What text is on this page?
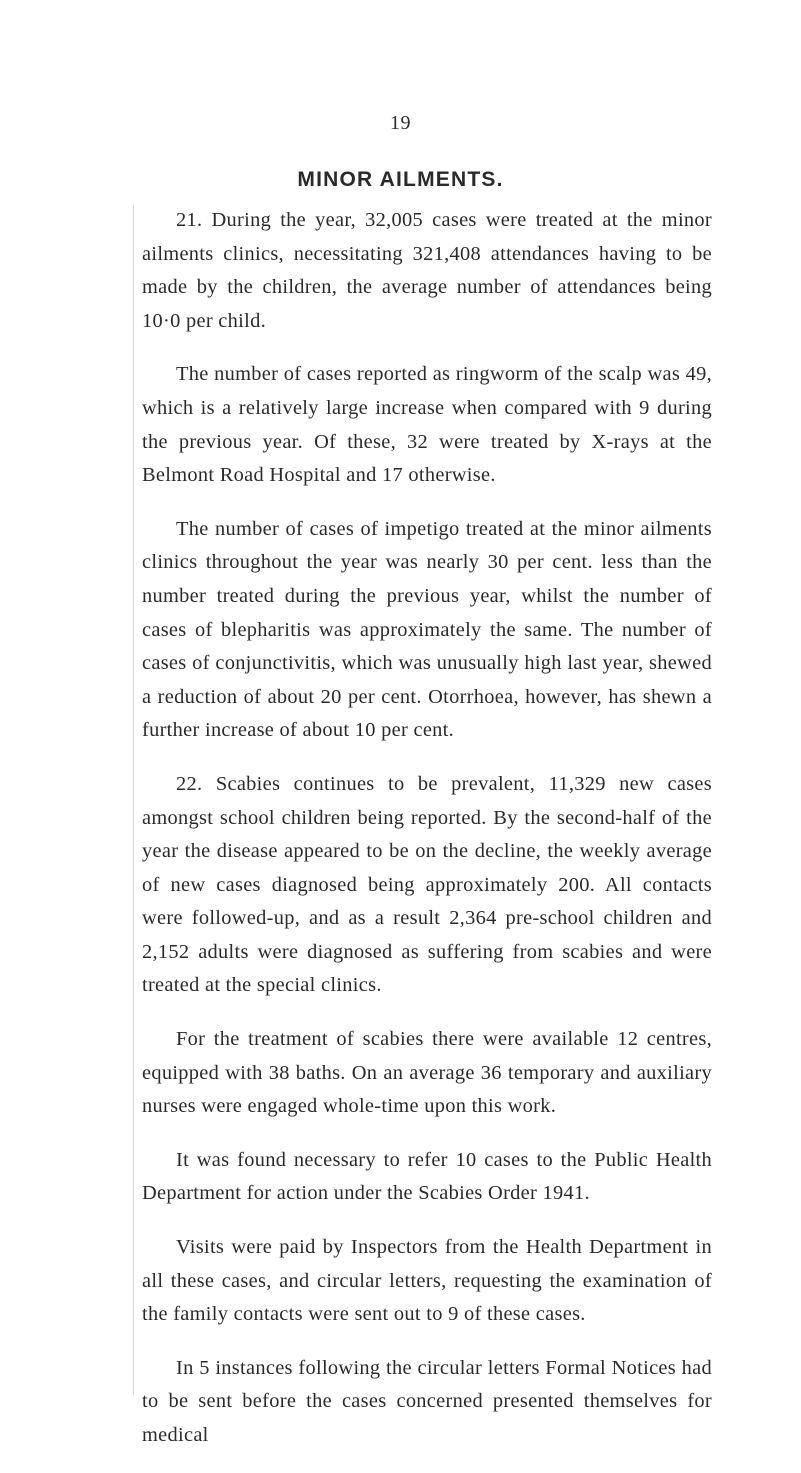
19
MINOR AILMENTS.

21. During the year, 32,005 cases were treated at the minor ailments clinics, necessitating 321,408 attendances having to be made by the children, the average number of attendances being 10·0 per child.

The number of cases reported as ringworm of the scalp was 49, which is a relatively large increase when compared with 9 during the previous year. Of these, 32 were treated by X-rays at the Belmont Road Hospital and 17 otherwise.

The number of cases of impetigo treated at the minor ailments clinics throughout the year was nearly 30 per cent. less than the number treated during the previous year, whilst the number of cases of blepharitis was approximately the same. The number of cases of conjunctivitis, which was unusually high last year, shewed a reduction of about 20 per cent. Otorrhoea, however, has shewn a further increase of about 10 per cent.

22. Scabies continues to be prevalent, 11,329 new cases amongst school children being reported. By the second-half of the year the disease appeared to be on the decline, the weekly average of new cases diagnosed being approximately 200. All contacts were followed-up, and as a result 2,364 pre-school children and 2,152 adults were diagnosed as suffering from scabies and were treated at the special clinics.

For the treatment of scabies there were available 12 centres, equipped with 38 baths. On an average 36 temporary and auxiliary nurses were engaged whole-time upon this work.

It was found necessary to refer 10 cases to the Public Health Department for action under the Scabies Order 1941.

Visits were paid by Inspectors from the Health Department in all these cases, and circular letters, requesting the examination of the family contacts were sent out to 9 of these cases.

In 5 instances following the circular letters Formal Notices had to be sent before the cases concerned presented themselves for medical
